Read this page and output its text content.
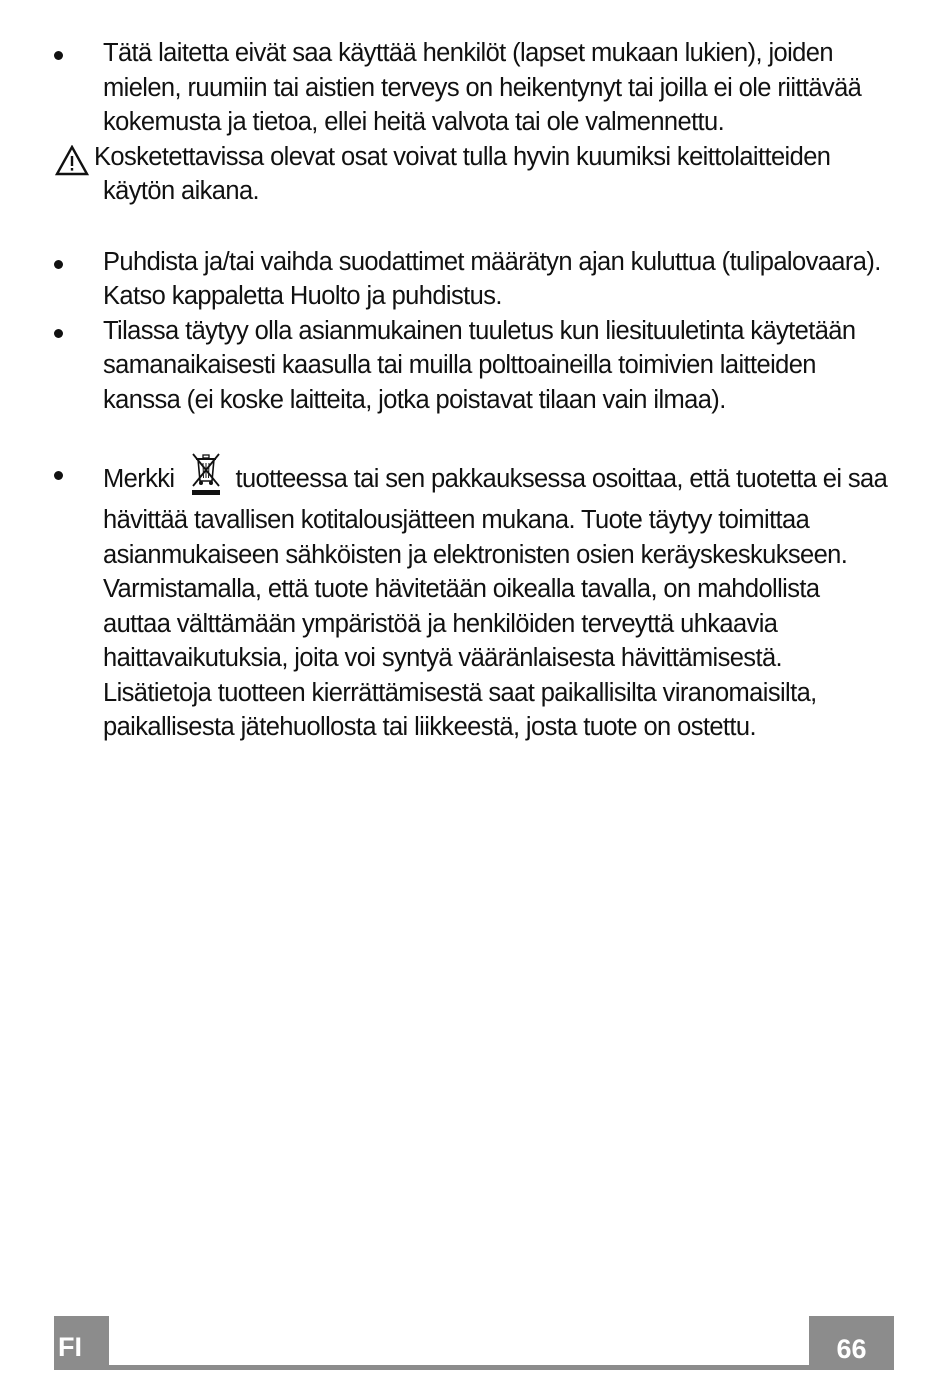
Tätä laitetta eivät saa käyttää henkilöt (lapset mukaan lukien), joiden mielen, ruumiin tai aistien terveys on heikentynyt tai joilla ei ole riittävää kokemusta ja tietoa, ellei heitä valvota tai ole valmennettu.
Kosketettavissa olevat osat voivat tulla hyvin kuumiksi keittolaitteiden
käytön aikana.
Puhdista ja/tai vaihda suodattimet määrätyn ajan kuluttua (tulipalovaara). Katso kappaletta Huolto ja puhdistus.
Tilassa täytyy olla asianmukainen tuuletus kun liesituuletinta käytetään samanaikaisesti kaasulla tai muilla polttoaineilla toimivien laitteiden kanssa (ei koske laitteita, jotka poistavat tilaan vain ilmaa).
Merkki tuotteessa tai sen pakkauksessa osoittaa, että tuotetta ei saa
hävittää tavallisen kotitalousjätteen mukana. Tuote täytyy toimittaa asianmukaiseen sähköisten ja elektronisten osien keräyskeskukseen. Varmistamalla, että tuote hävitetään oikealla tavalla, on mahdollista auttaa välttämään ympäristöä ja henkilöiden terveyttä uhkaavia haittavaikutuksia, joita voi syntyä vääränlaisesta hävittämisestä. Lisätietoja tuotteen kierrättämisestä saat paikallisilta viranomaisilta, paikallisesta jätehuollosta tai liikkeestä, josta tuote on ostettu.
FI	66
